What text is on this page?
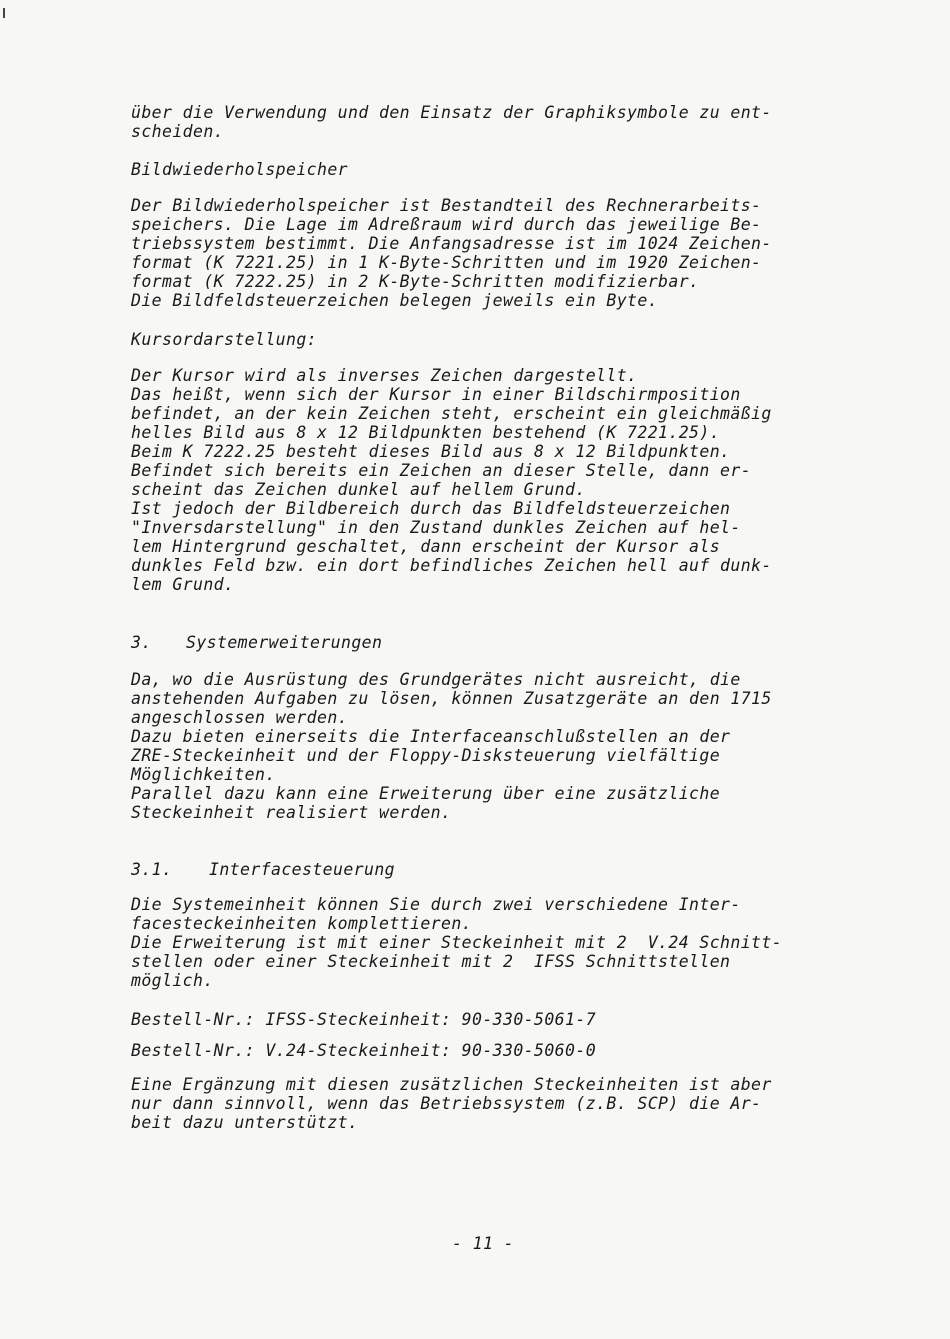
über die Verwendung und den Einsatz der Graphiksymbole zu ent-
scheiden.
Bildwiederholspeicher
Der Bildwiederholspeicher ist Bestandteil des Rechnerarbeits-
speichers. Die Lage im Adreßraum wird durch das jeweilige Be-
triebssystem bestimmt. Die Anfangsadresse ist im 1024 Zeichen-
format (K 7221.25) in 1 K-Byte-Schritten und im 1920 Zeichen-
format (K 7222.25) in 2 K-Byte-Schritten modifizierbar.
Die Bildfeldsteuerzeichen belegen jeweils ein Byte.
Kursordarstellung:
Der Kursor wird als inverses Zeichen dargestellt.
Das heißt, wenn sich der Kursor in einer Bildschirmposition
befindet, an der kein Zeichen steht, erscheint ein gleichmäßig
helles Bild aus 8 x 12 Bildpunkten bestehend (K 7221.25).
Beim K 7222.25 besteht dieses Bild aus 8 x 12 Bildpunkten.
Befindet sich bereits ein Zeichen an dieser Stelle, dann er-
scheint das Zeichen dunkel auf hellem Grund.
Ist jedoch der Bildbereich durch das Bildfeldsteuerzeichen
"Inversdarstellung" in den Zustand dunkles Zeichen auf hel-
lem Hintergrund geschaltet, dann erscheint der Kursor als
dunkles Feld bzw. ein dort befindliches Zeichen hell auf dunk-
lem Grund.
3. Systemerweiterungen
Da, wo die Ausrüstung des Grundgerätes nicht ausreicht, die
anstehenden Aufgaben zu lösen, können Zusatzgeräte an den 1715
angeschlossen werden.
Dazu bieten einerseits die Interfaceanschlußstellen an der
ZRE-Steckeinheit und der Floppy-Disksteuerung vielfältige
Möglichkeiten.
Parallel dazu kann eine Erweiterung über eine zusätzliche
Steckeinheit realisiert werden.
3.1. Interfacesteuerung
Die Systemeinheit können Sie durch zwei verschiedene Inter-
facesteckeinheiten komplettieren.
Die Erweiterung ist mit einer Steckeinheit mit 2  V.24 Schnitt-
stellen oder einer Steckeinheit mit 2  IFSS Schnittstellen
möglich.
Bestell-Nr.: IFSS-Steckeinheit: 90-330-5061-7
Bestell-Nr.: V.24-Steckeinheit: 90-330-5060-0
Eine Ergänzung mit diesen zusätzlichen Steckeinheiten ist aber
nur dann sinnvoll, wenn das Betriebssystem (z.B. SCP) die Ar-
beit dazu unterstützt.
- 11 -
